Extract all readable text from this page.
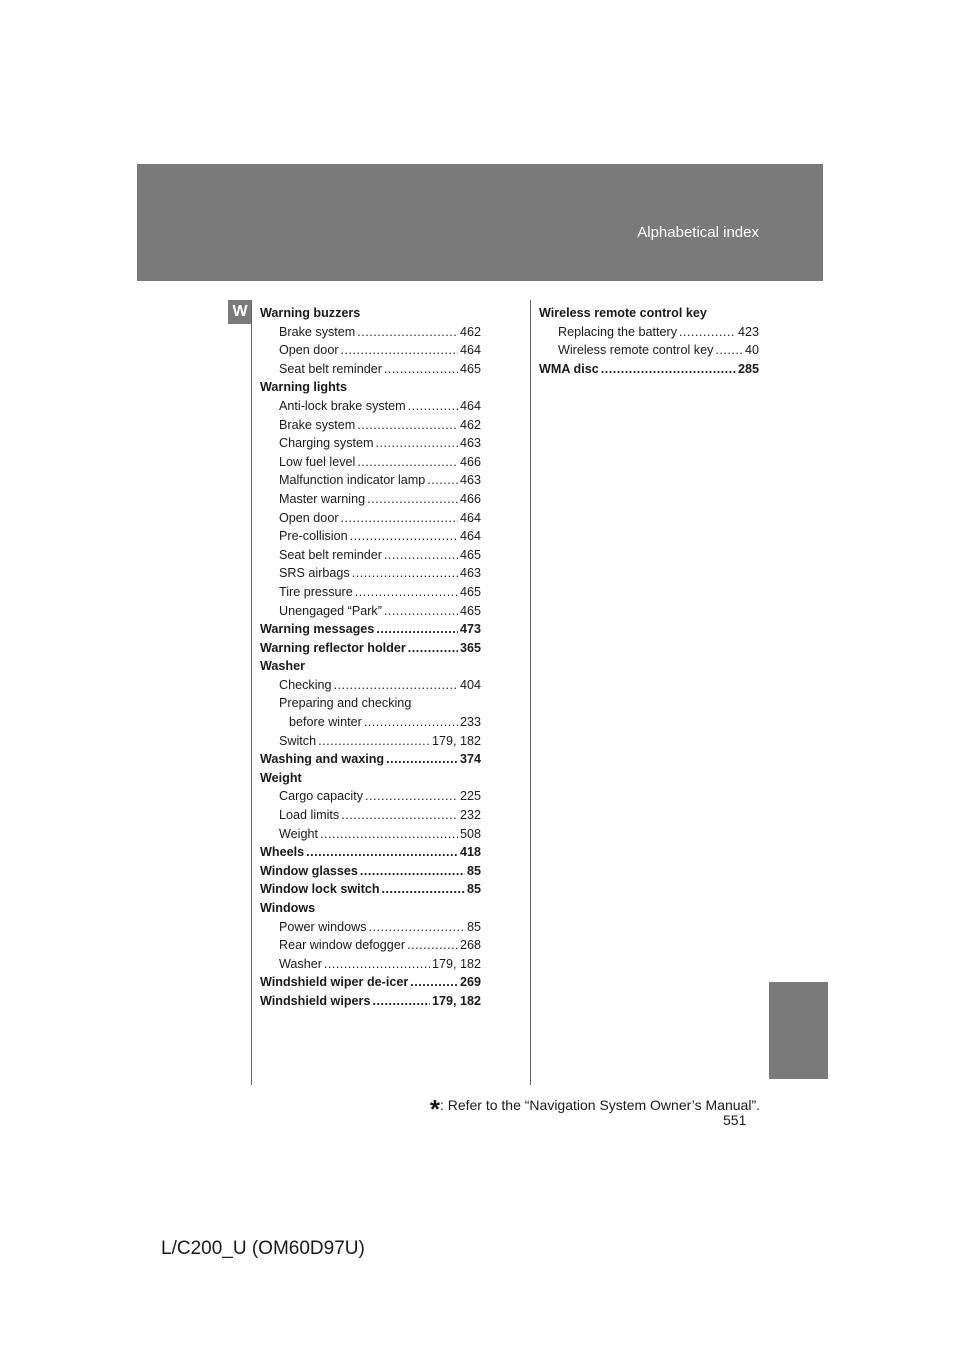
Alphabetical index
W Warning buzzers
Brake system .....	462
Open door .....	464
Seat belt reminder .....	465
Warning lights
Anti-lock brake system .....	464
Brake system .....	462
Charging system .....	463
Low fuel level .....	466
Malfunction indicator lamp .....	463
Master warning .....	466
Open door .....	464
Pre-collision .....	464
Seat belt reminder .....	465
SRS airbags .....	463
Tire pressure .....	465
Unengaged “Park” .....	465
Warning messages .....	473
Warning reflector holder .....	365
Washer
Checking .....	404
Preparing and checking
before winter .....	233
Switch .....	179, 182
Washing and waxing .....	374
Weight
Cargo capacity .....	225
Load limits .....	232
Weight .....	508
Wheels .....	418
Window glasses .....	85
Window lock switch .....	85
Windows
Power windows .....	85
Rear window defogger .....	268
Washer .....	179, 182
Windshield wiper de-icer .....	269
Windshield wipers .....	179, 182
Wireless remote control key
Replacing the battery .....	423
Wireless remote control key .....	40
WMA disc .....	285
*: Refer to the “Navigation System Owner’s Manual”.
551
L/C200_U (OM60D97U)
